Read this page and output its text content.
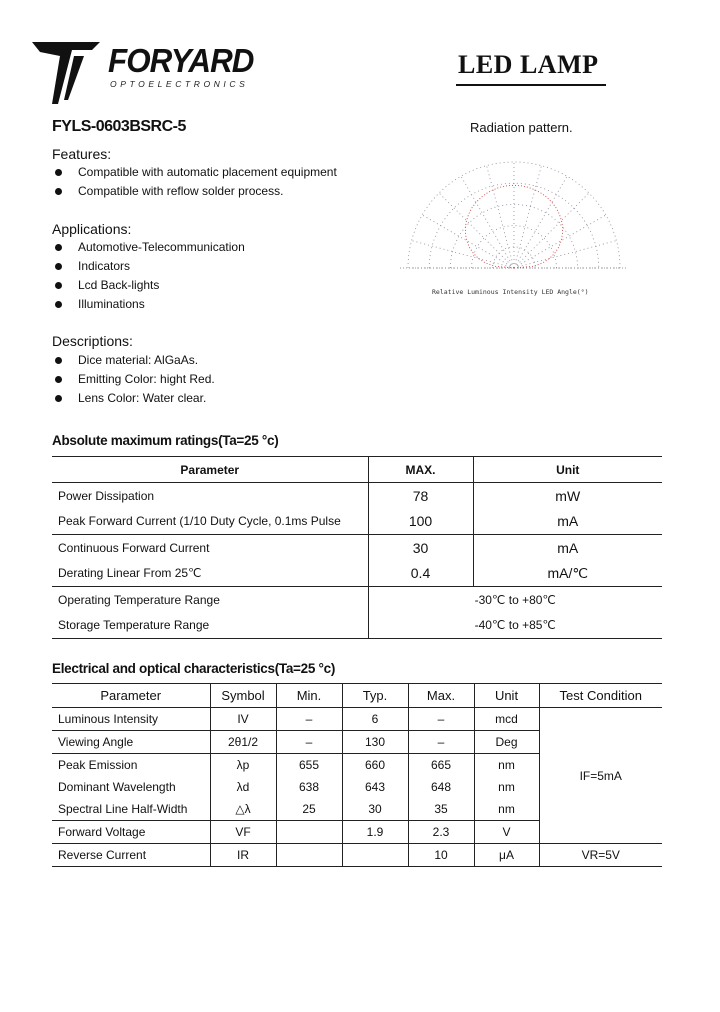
FORYARD
OPTOELECTRONICS
LED LAMP
FYLS-0603BSRC-5	Radiation pattern.
Features:
Compatible with automatic placement equipment
Compatible with reflow solder process.
Applications:
Automotive-Telecommunication
Indicators
Lcd Back-lights
Illuminations
Descriptions:
Dice material: AlGaAs.
Emitting Color: hight Red.
Lens Color: Water clear.
Relative Luminous Intensity LED Angle(°)
Absolute maximum ratings(Ta=25 °c)
Parameter	MAX.	Unit
Power Dissipation	78	mW
Peak Forward Current (1/10 Duty Cycle, 0.1ms Pulse	100	mA
Continuous Forward Current	30	mA
Derating Linear From 25℃	0.4	mA/℃
Operating Temperature Range	-30℃ to +80℃	
Storage Temperature Range	-40℃ to +85℃	
Electrical and optical characteristics(Ta=25 °c)
Parameter	Symbol	Min.	Typ.	Max.	Unit	Test Condition
Luminous Intensity	IV	–	6	–	mcd	IF=5mA
Viewing Angle	2θ1/2	–	130	–	Deg	
Peak Emission	λp	655	660	665	nm	
Dominant Wavelength	λd	638	643	648	nm	
Spectral Line Half-Width	△λ	25	30	35	nm	
Forward Voltage	VF		1.9	2.3	V	
Reverse Current	IR			10	μA	VR=5V
